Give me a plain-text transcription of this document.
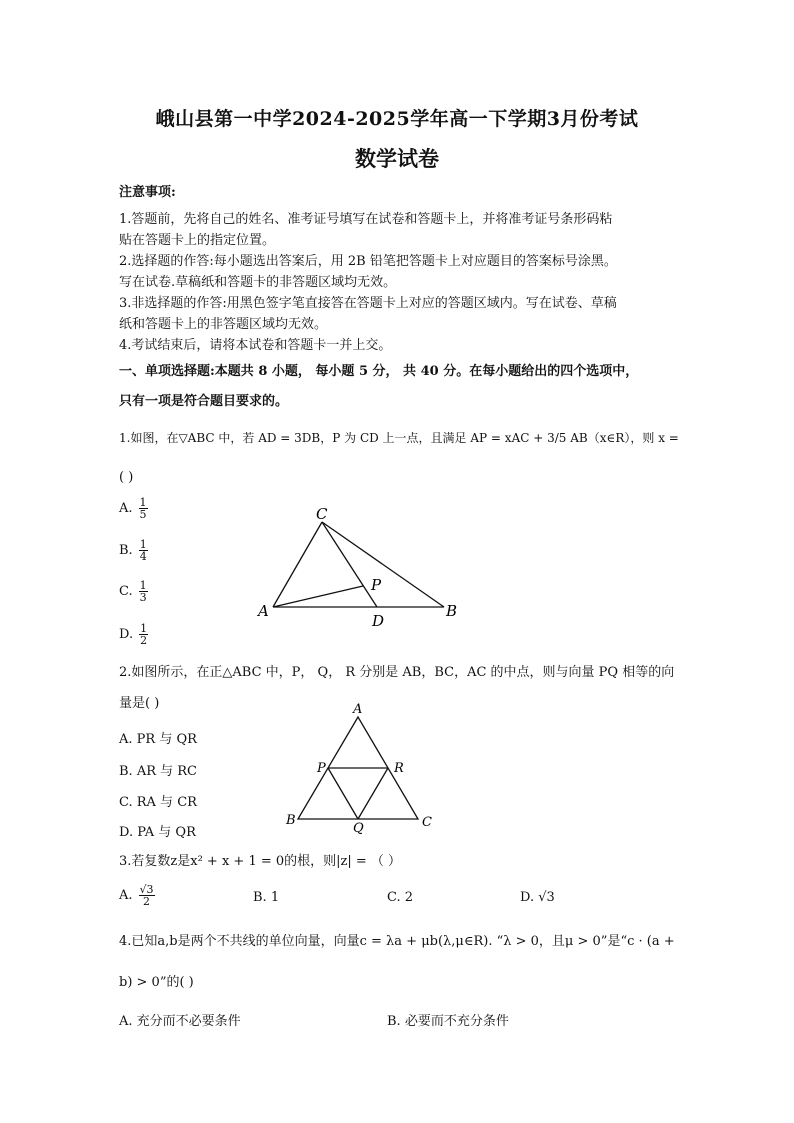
峨山县第一中学2024-2025学年高一下学期3月份考试
数学试卷
注意事项:
1.答题前，先将自己的姓名、准考证号填写在试卷和答题卡上，并将准考证号条形码粘
贴在答题卡上的指定位置。
2.选择题的作答:每小题选出答案后，用 2B 铅笔把答题卡上对应题目的答案标号涂黑。
写在试卷.草稿纸和答题卡的非答题区域均无效。
3.非选择题的作答:用黑色签字笔直接答在答题卡上对应的答题区域内。写在试卷、草稿
纸和答题卡上的非答题区域均无效。
4.考试结束后，请将本试卷和答题卡一并上交。
一、单项选择题:本题共 8 小题， 每小题 5 分， 共 40 分。在每小题给出的四个选项中，
只有一项是符合题目要求的。
1.如图，在▽ABC 中，若 AD = 3DB，P 为 CD 上一点，且满足 AP = xAC + 3/5 AB（x∈R），则 x =
( )
A. $\frac{1}{5}$
B. $\frac{1}{4}$
C. $\frac{1}{3}$
D. $\frac{1}{2}$
C
P
A
D
B
2.如图所示，在正△ABC 中，P， Q， R 分别是 AB，BC，AC 的中点，则与向量 PQ 相等的向
量是( )
A. PR 与 QR
B. AR 与 RC
C. RA 与 CR
D. PA 与 QR
A
P	R
B
Q	C
3.若复数z是x² + x + 1 = 0的根，则|z| = （ ）
A. $\frac{√3}{2}$	B. 1	C. 2	D. √3
4.已知a,b是两个不共线的单位向量，向量c = λa + μb(λ,μ∈R). “λ > 0，且μ > 0”是“c · (a +
b) > 0”的( )
A. 充分而不必要条件	B. 必要而不充分条件
